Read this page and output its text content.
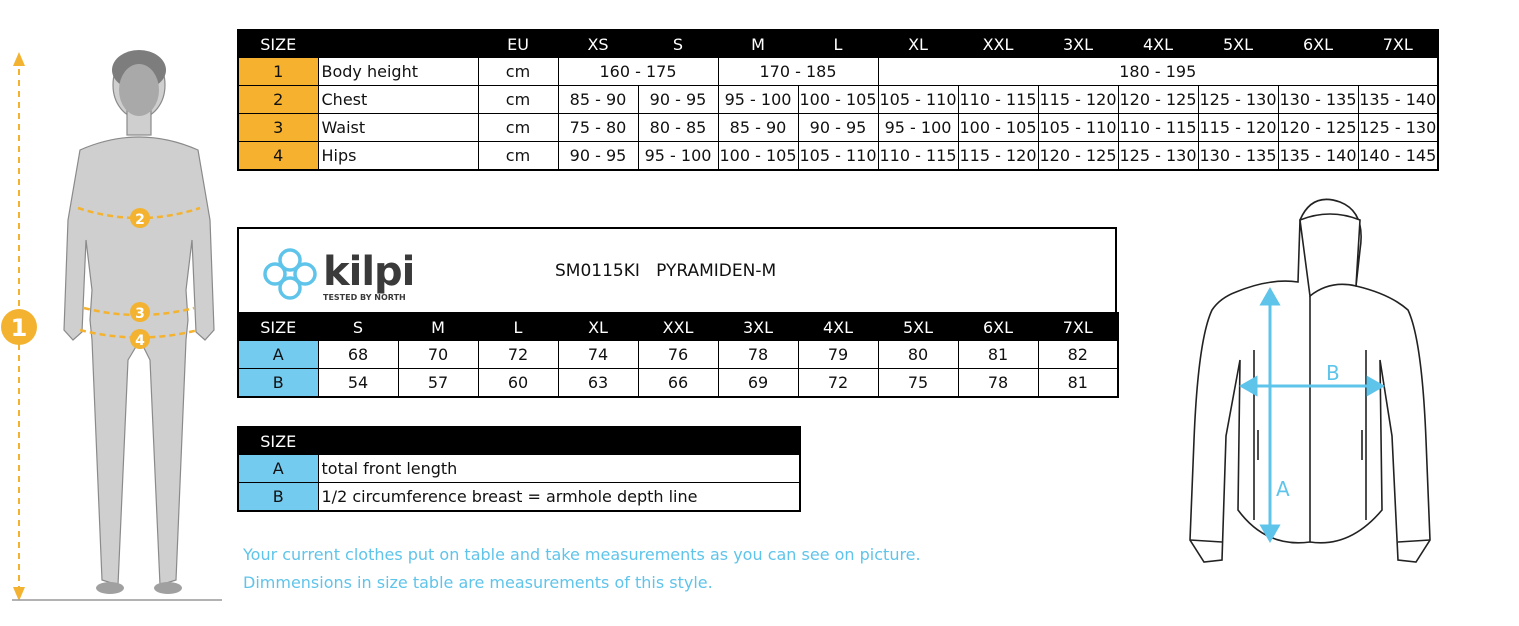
2
3
4
1
SIZE		EU	XS	S	M	L	XL	XXL	3XL	4XL	5XL	6XL	7XL
1	Body height	cm	160 - 175		170 - 185		180 - 195						
2	Chest	cm	85 - 90	90 - 95	95 - 100	100 - 105	105 - 110	110 - 115	115 - 120	120 - 125	125 - 130	130 - 135	135 - 140
3	Waist	cm	75 - 80	80 - 85	85 - 90	90 - 95	95 - 100	100 - 105	105 - 110	110 - 115	115 - 120	120 - 125	125 - 130
4	Hips	cm	90 - 95	95 - 100	100 - 105	105 - 110	110 - 115	115 - 120	120 - 125	125 - 130	130 - 135	135 - 140	140 - 145
kilpi
TESTED BY NORTH
SM0115KI PYRAMIDEN-M
SIZE	S	M	L	XL	XXL	3XL	4XL	5XL	6XL	7XL
A	68	70	72	74	76	78	79	80	81	82
B	54	57	60	63	66	69	72	75	78	81
SIZE	
A	total front length
B	1/2 circumference breast = armhole depth line
Your current clothes put on table and take measurements as you can see on picture.
Dimmensions in size table are measurements of this style.
A
B
